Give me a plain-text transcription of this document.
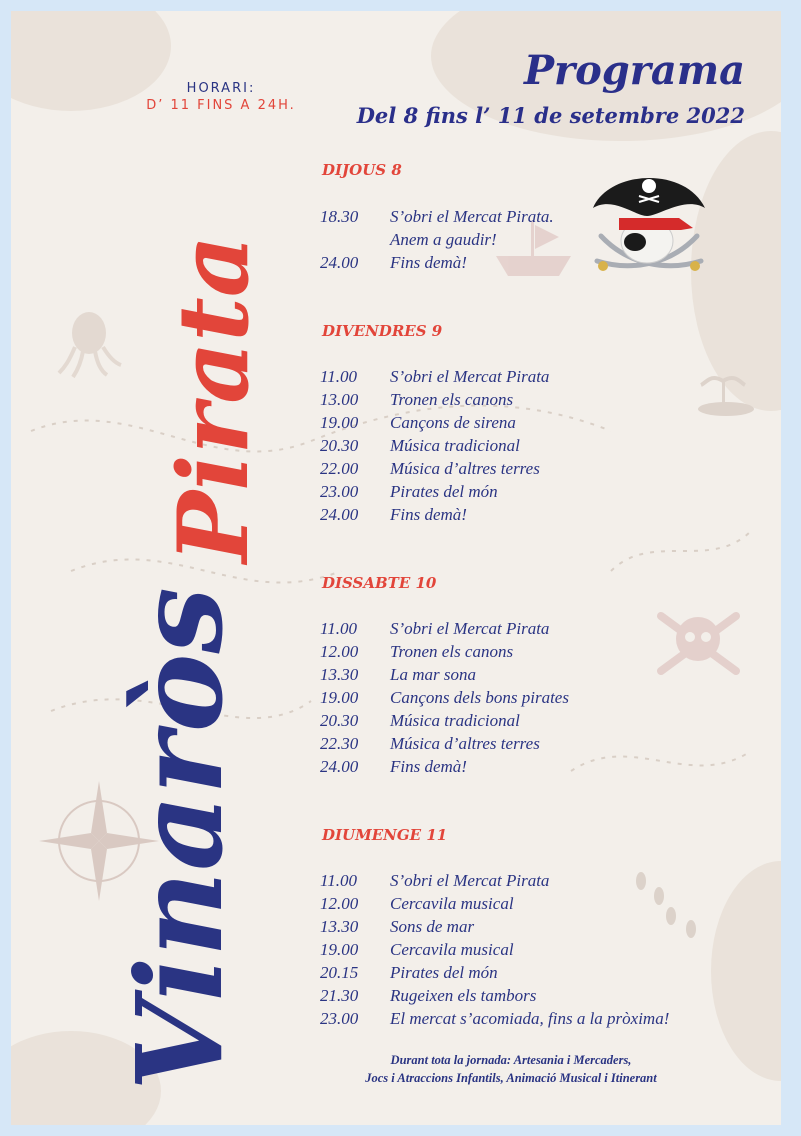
HORARI:
D’ 11 FINS A 24H.
Programa
Del 8 fins l’ 11 de setembre 2022
Vinaròs
Pirata
DIJOUS 8
18.30 S’obri el Mercat Pirata.
Anem a gaudir!
24.00 Fins demà!
DIVENDRES 9
11.00 S’obri el Mercat Pirata
13.00 Tronen els canons
19.00 Cançons de sirena
20.30 Música tradicional
22.00 Música d’altres terres
23.00 Pirates del món
24.00 Fins demà!
DISSABTE 10
11.00 S’obri el Mercat Pirata
12.00 Tronen els canons
13.30 La mar sona
19.00 Cançons dels bons pirates
20.30 Música tradicional
22.30 Música d’altres terres
24.00 Fins demà!
DIUMENGE 11
11.00 S’obri el Mercat Pirata
12.00 Cercavila musical
13.30 Sons de mar
19.00 Cercavila musical
20.15 Pirates del món
21.30 Rugeixen els tambors
23.00 El mercat s’acomiada, fins a la pròxima!
Durant tota la jornada: Artesania i Mercaders,
Jocs i Atraccions Infantils, Animació Musical i Itinerant
